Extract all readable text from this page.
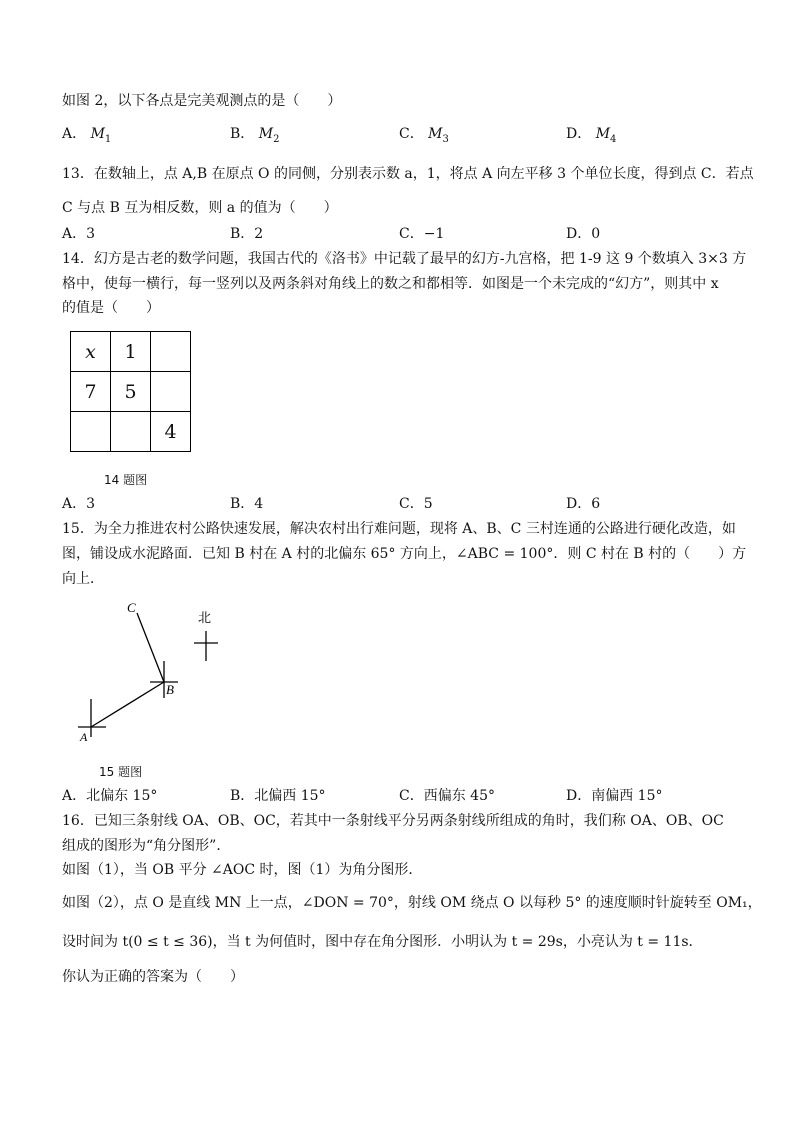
如图 2，以下各点是完美观测点的是（　　）
A． $M_1$	B． $M_2$	C． $M_3$	D． $M_4$
13．在数轴上，点 A,B 在原点 O 的同侧，分别表示数 a，1，将点 A 向左平移 3 个单位长度，得到点 C．若点
C 与点 B 互为相反数，则 a 的值为（　　）
A．3	B．2	C．−1	D．0
14．幻方是古老的数学问题，我国古代的《洛书》中记载了最早的幻方-九宫格，把 1-9 这 9 个数填入 3×3 方
格中，使每一横行，每一竖列以及两条斜对角线上的数之和都相等．如图是一个未完成的“幻方”，则其中 x
的值是（　　）
x	1	
7	5	
		4
14 题图
A．3	B．4	C．5	D．6
15．为全力推进农村公路快速发展，解决农村出行难问题，现将 A、B、C 三村连通的公路进行硬化改造，如
图，铺设成水泥路面．已知 B 村在 A 村的北偏东 65° 方向上，∠ABC = 100°．则 C 村在 B 村的（　　）方
向上．
C
B
A
北
15 题图
A．北偏东 15°	B．北偏西 15°	C．西偏东 45°	D．南偏西 15°
16．已知三条射线 OA、OB、OC，若其中一条射线平分另两条射线所组成的角时，我们称 OA、OB、OC
组成的图形为“角分图形”．
如图（1），当 OB 平分 ∠AOC 时，图（1）为角分图形．
如图（2），点 O 是直线 MN 上一点，∠DON = 70°，射线 OM 绕点 O 以每秒 5° 的速度顺时针旋转至 OM₁，
设时间为 t(0 ≤ t ≤ 36)，当 t 为何值时，图中存在角分图形．小明认为 t = 29s，小亮认为 t = 11s．
你认为正确的答案为（　　）
